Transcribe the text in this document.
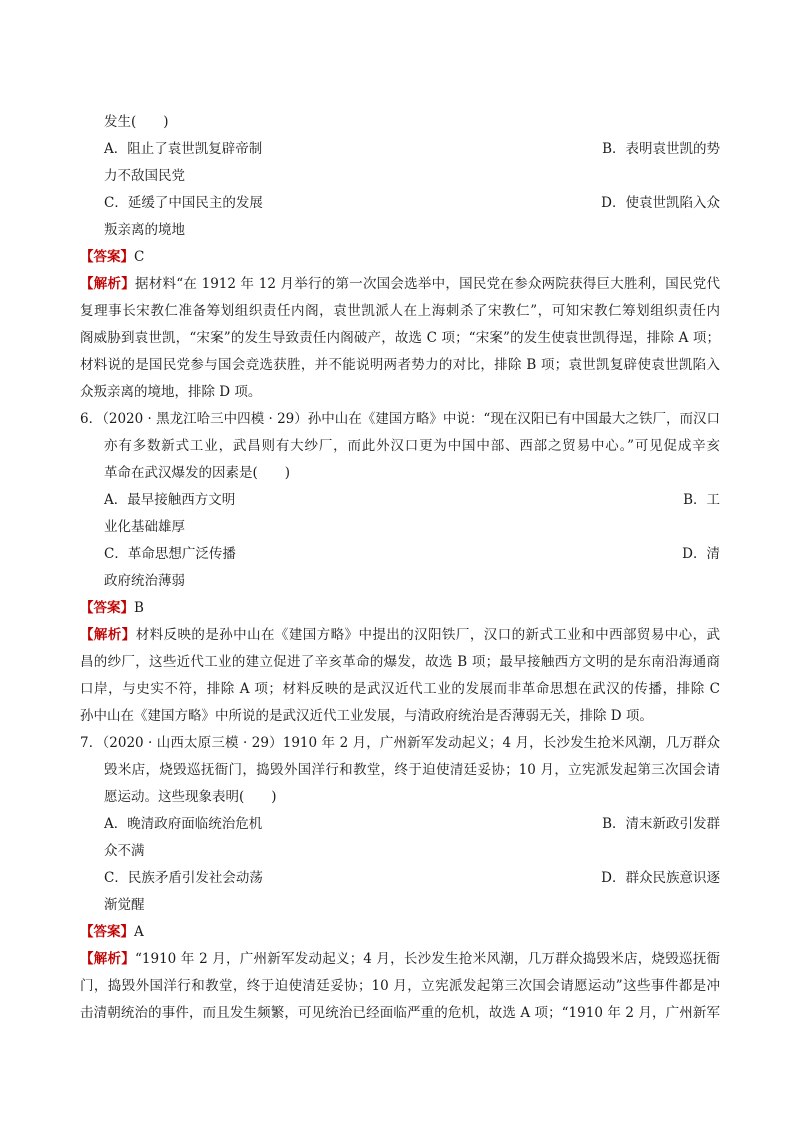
发生(　　)
A．阻止了袁世凯复辟帝制	B．表明袁世凯的势
力不敌国民党
C．延缓了中国民主的发展	D．使袁世凯陷入众
叛亲离的境地
【答案】C
【解析】据材料“在 1912 年 12 月举行的第一次国会选举中，国民党在参众两院获得巨大胜利，国民党代
复理事长宋教仁准备筹划组织责任内阁，袁世凯派人在上海刺杀了宋教仁”，可知宋教仁筹划组织责任内
阁威胁到袁世凯，“宋案”的发生导致责任内阁破产，故选 C 项；“宋案”的发生使袁世凯得逞，排除 A 项；
材料说的是国民党参与国会竞选获胜，并不能说明两者势力的对比，排除 B 项；袁世凯复辟使袁世凯陷入
众叛亲离的境地，排除 D 项。
6．（2020 · 黑龙江哈三中四模 · 29）孙中山在《建国方略》中说：“现在汉阳已有中国最大之铁厂，而汉口
亦有多数新式工业，武昌则有大纱厂，而此外汉口更为中国中部、西部之贸易中心。”可见促成辛亥
革命在武汉爆发的因素是(　　)
A．最早接触西方文明	B．工
业化基础雄厚
C．革命思想广泛传播	D．清
政府统治薄弱
【答案】B
【解析】材料反映的是孙中山在《建国方略》中提出的汉阳铁厂，汉口的新式工业和中西部贸易中心，武
昌的纱厂，这些近代工业的建立促进了辛亥革命的爆发，故选 B 项；最早接触西方文明的是东南沿海通商
口岸，与史实不符，排除 A 项；材料反映的是武汉近代工业的发展而非革命思想在武汉的传播，排除 C
孙中山在《建国方略》中所说的是武汉近代工业发展，与清政府统治是否薄弱无关，排除 D 项。
7．（2020 · 山西太原三模 · 29）1910 年 2 月，广州新军发动起义；4 月，长沙发生抢米风潮，几万群众
毁米店，烧毁巡抚衙门，捣毁外国洋行和教堂，终于迫使清廷妥协；10 月，立宪派发起第三次国会请
愿运动。这些现象表明(　　)
A．晚清政府面临统治危机	B．清末新政引发群
众不满
C．民族矛盾引发社会动荡	D．群众民族意识逐
渐觉醒
【答案】A
【解析】“1910 年 2 月，广州新军发动起义；4 月，长沙发生抢米风潮，几万群众捣毁米店，烧毁巡抚衙
门，捣毁外国洋行和教堂，终于迫使清廷妥协；10 月，立宪派发起第三次国会请愿运动”这些事件都是冲
击清朝统治的事件，而且发生频繁，可见统治已经面临严重的危机，故选 A 项；“1910 年 2 月，广州新军
